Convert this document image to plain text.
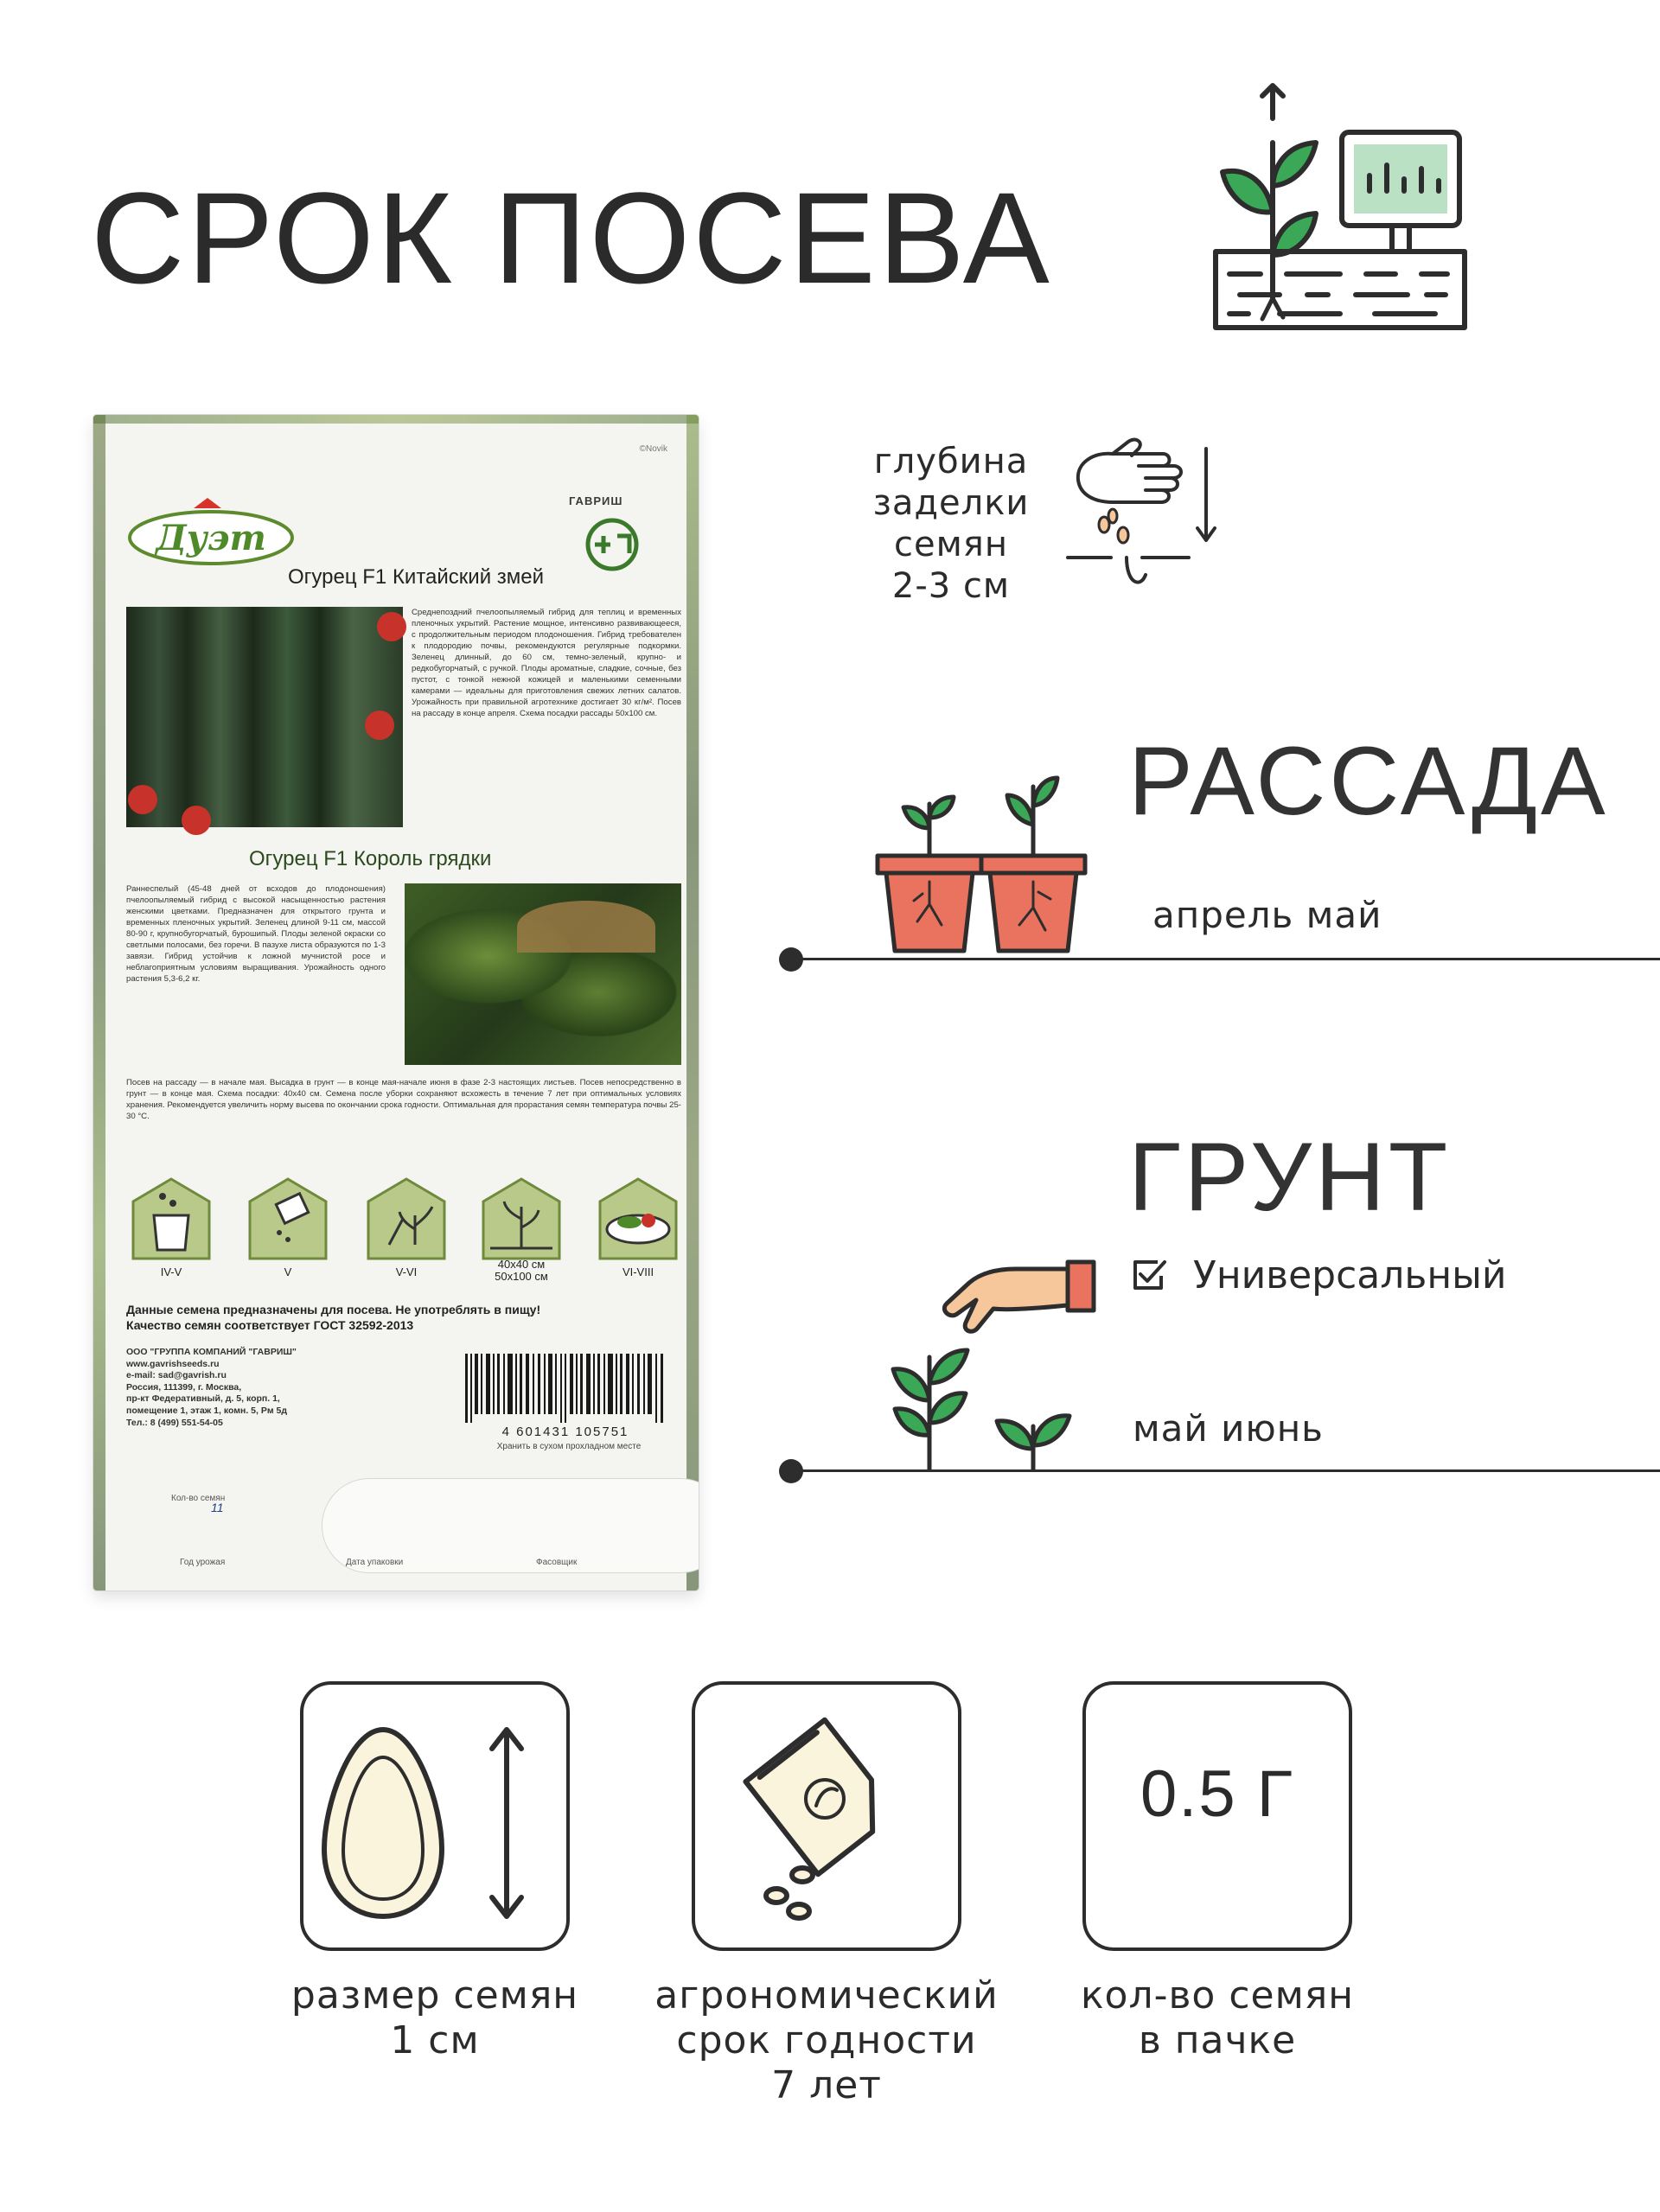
СРОК ПОСЕВА
©Novik
Дуэт
ГАВРИШ
Огурец F1 Китайский змей
Среднепоздний пчелоопыляемый гибрид для теплиц и временных пленочных укрытий. Растение мощное, интенсивно развивающееся, с продолжительным периодом плодоношения. Гибрид требователен к плодородию почвы, рекомендуются регулярные подкормки. Зеленец длинный, до 60 см, темно-зеленый, крупно- и редкобугорчатый, с ручкой. Плоды ароматные, сладкие, сочные, без пустот, с тонкой нежной кожицей и маленькими семенными камерами — идеальны для приготовления свежих летних салатов. Урожайность при правильной агротехнике достигает 30 кг/м². Посев на рассаду в конце апреля. Схема посадки рассады 50x100 см.
Огурец F1 Король грядки
Раннеспелый (45-48 дней от всходов до плодоношения) пчелоопыляемый гибрид с высокой насыщенностью растения женскими цветками. Предназначен для открытого грунта и временных пленочных укрытий. Зеленец длиной 9-11 см, массой 80-90 г, крупнобугорчатый, бурошипый. Плоды зеленой окраски со светлыми полосами, без горечи. В пазухе листа образуются по 1-3 завязи. Гибрид устойчив к ложной мучнистой росе и неблагоприятным условиям выращивания. Урожайность одного растения 5,3-6,2 кг.
Посев на рассаду — в начале мая. Высадка в грунт — в конце мая-начале июня в фазе 2-3 настоящих листьев. Посев непосредственно в грунт — в конце мая. Схема посадки: 40x40 см. Семена после уборки сохраняют всхожесть в течение 7 лет при оптимальных условиях хранения. Рекомендуется увеличить норму высева по окончании срока годности. Оптимальная для прорастания семян температура почвы 25-30 °С.
IV-V	V	V-VI
40x40 см
50x100 см	VI-VIII
Данные семена предназначены для посева. Не употреблять в пищу!
Качество семян соответствует ГОСТ 32592-2013
ООО "ГРУППА КОМПАНИЙ "ГАВРИШ"
www.gavrishseeds.ru
e-mail: sad@gavrish.ru
Россия, 111399, г. Москва,
пр-кт Федеративный, д. 5, корп. 1,
помещение 1, этаж 1, комн. 5, Рм 5д
Тел.: 8 (499) 551-54-05
4 601431 105751
Хранить в сухом прохладном месте
Кол-во семян
11
Год урожая	Дата упаковки	Фасовщик
глубина
заделки
семян
2-3 см
РАССАДА
апрель май
ГРУНТ
Универсальный
май июнь
размер семян
1 см
агрономический
срок годности
7 лет
0.5 Г
кол-во семян
в пачке
